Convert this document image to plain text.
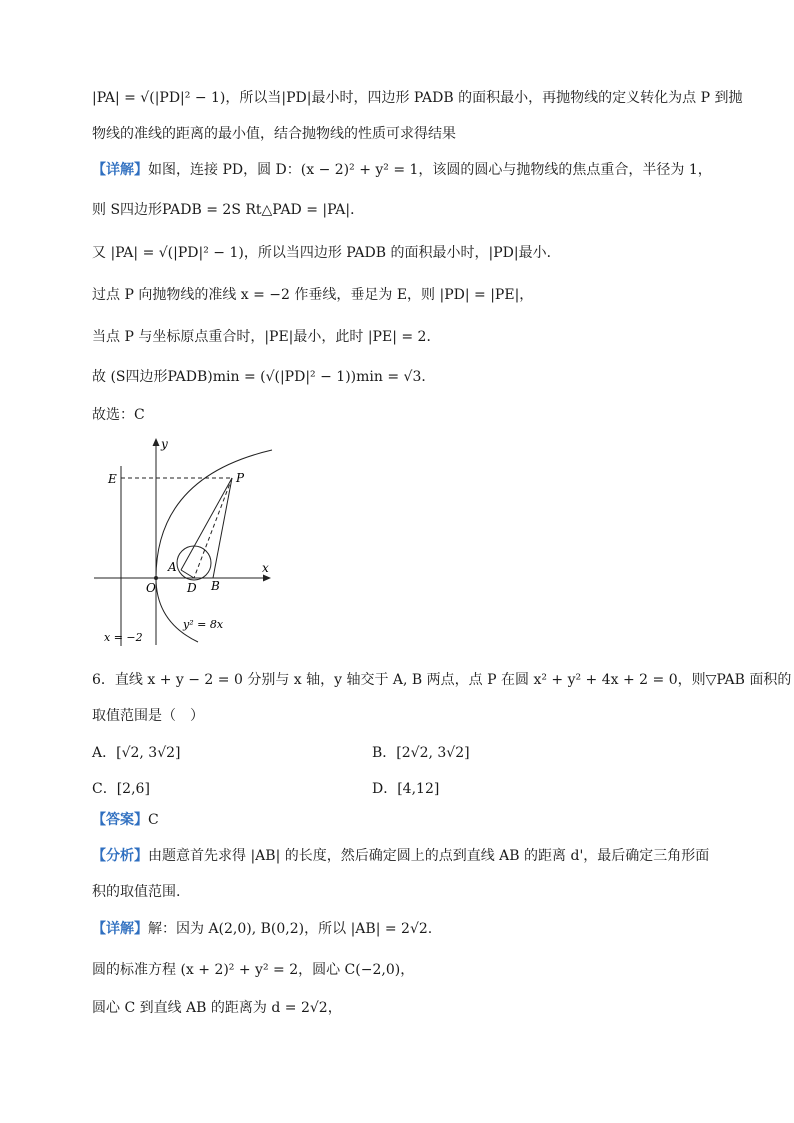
|PA| = √(|PD|² − 1)，所以当|PD|最小时，四边形 PADB 的面积最小，再抛物线的定义转化为点 P 到抛
物线的准线的距离的最小值，结合抛物线的性质可求得结果
【详解】如图，连接 PD，圆 D：(x − 2)² + y² = 1，该圆的圆心与抛物线的焦点重合，半径为 1，
则 S四边形PADB = 2S Rt△PAD = |PA|．
又 |PA| = √(|PD|² − 1)，所以当四边形 PADB 的面积最小时，|PD|最小．
过点 P 向抛物线的准线 x = −2 作垂线，垂足为 E，则 |PD| = |PE|，
当点 P 与坐标原点重合时，|PE|最小，此时 |PE| = 2．
故 (S四边形PADB)min = (√(|PD|² − 1))min = √3．
故选：C
y
x
E	P
A
O	D B
x = −2
y² = 8x
6．直线 x + y − 2 = 0 分别与 x 轴，y 轴交于 A, B 两点，点 P 在圆 x² + y² + 4x + 2 = 0，则▽PAB 面积的
取值范围是（　）
A．[√2, 3√2]	B．[2√2, 3√2]
C．[2,6]	D．[4,12]
【答案】C
【分析】由题意首先求得 |AB| 的长度，然后确定圆上的点到直线 AB 的距离 d'，最后确定三角形面
积的取值范围.
【详解】解：因为 A(2,0), B(0,2)，所以 |AB| = 2√2.
圆的标准方程 (x + 2)² + y² = 2，圆心 C(−2,0)，
圆心 C 到直线 AB 的距离为 d = 2√2，
